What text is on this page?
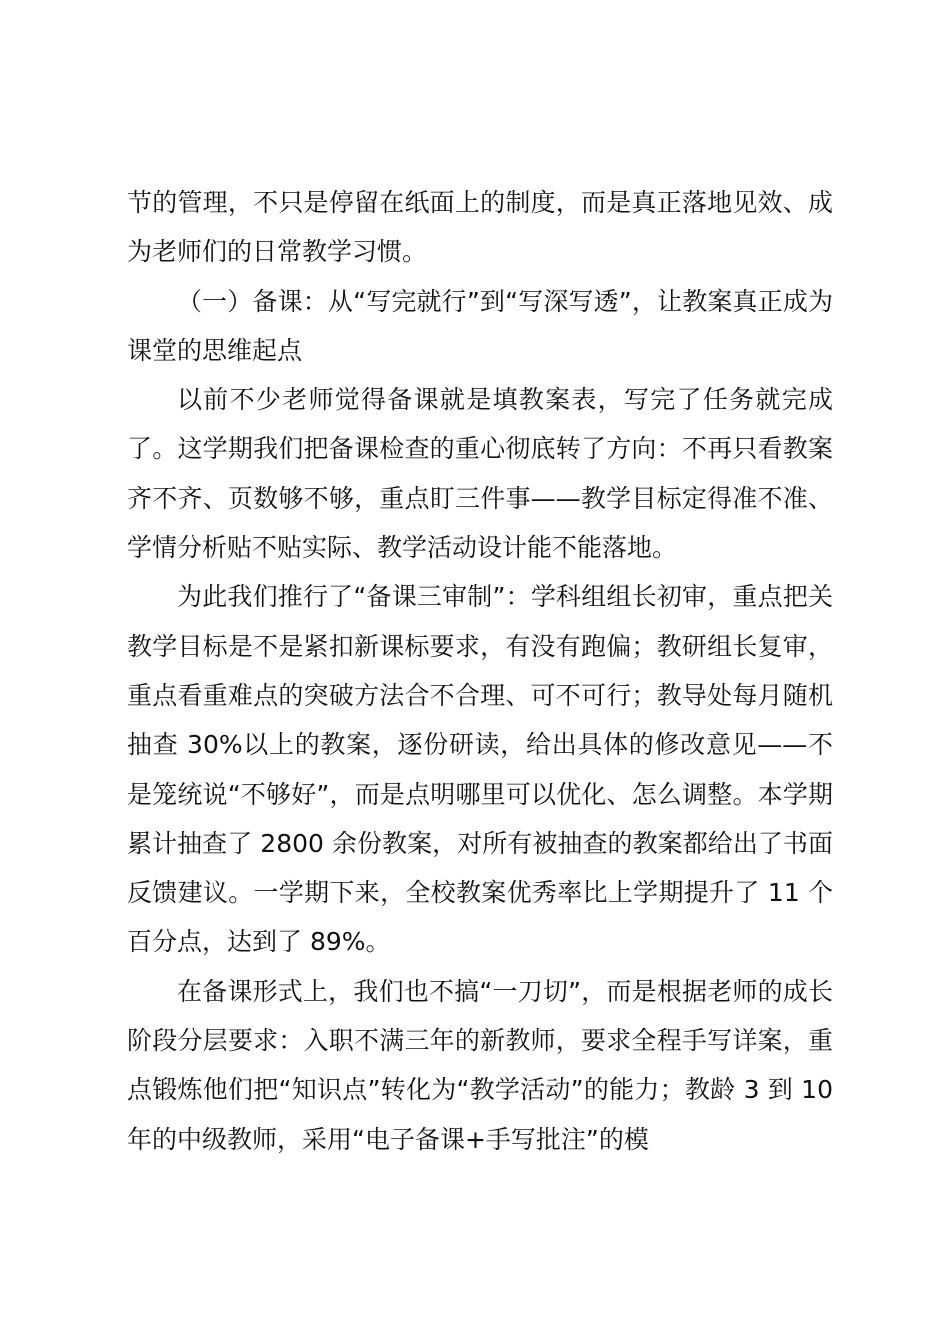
节的管理，不只是停留在纸面上的制度，而是真正落地见效、成为老师们的日常教学习惯。

（一）备课：从“写完就行”到“写深写透”，让教案真正成为课堂的思维起点

以前不少老师觉得备课就是填教案表，写完了任务就完成了。这学期我们把备课检查的重心彻底转了方向：不再只看教案齐不齐、页数够不够，重点盯三件事——教学目标定得准不准、学情分析贴不贴实际、教学活动设计能不能落地。

为此我们推行了“备课三审制”：学科组组长初审，重点把关教学目标是不是紧扣新课标要求，有没有跑偏；教研组长复审，重点看重难点的突破方法合不合理、可不可行；教导处每月随机抽查 30%以上的教案，逐份研读，给出具体的修改意见——不是笼统说“不够好”，而是点明哪里可以优化、怎么调整。本学期累计抽查了 2800 余份教案，对所有被抽查的教案都给出了书面反馈建议。一学期下来，全校教案优秀率比上学期提升了 11 个百分点，达到了 89%。

在备课形式上，我们也不搞“一刀切”，而是根据老师的成长阶段分层要求：入职不满三年的新教师，要求全程手写详案，重点锻炼他们把“知识点”转化为“教学活动”的能力；教龄 3 到 10 年的中级教师，采用“电子备课+手写批注”的模
